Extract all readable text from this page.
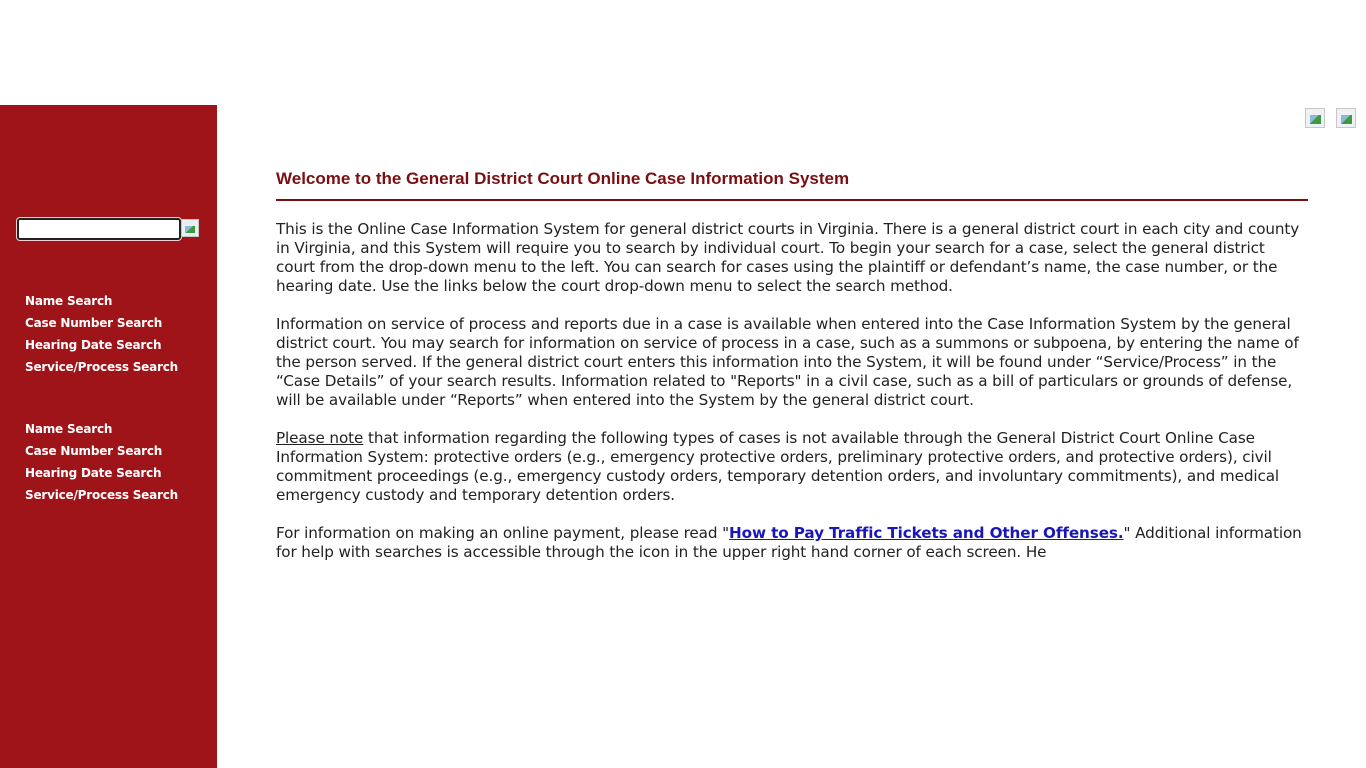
Name Search
Case Number Search
Hearing Date Search
Service/Process Search
Name Search
Case Number Search
Hearing Date Search
Service/Process Search
Welcome to the General District Court Online Case Information System

This is the Online Case Information System for general district courts in Virginia. There is a general district court in each city and county in Virginia, and this System will require you to search by individual court. To begin your search for a case, select the general district court from the drop-down menu to the left. You can search for cases using the plaintiff or defendant’s name, the case number, or the hearing date. Use the links below the court drop-down menu to select the search method.

Information on service of process and reports due in a case is available when entered into the Case Information System by the general district court. You may search for information on service of process in a case, such as a summons or subpoena, by entering the name of the person served. If the general district court enters this information into the System, it will be found under “Service/Process” in the “Case Details” of your search results. Information related to "Reports" in a civil case, such as a bill of particulars or grounds of defense, will be available under “Reports” when entered into the System by the general district court.

Please note that information regarding the following types of cases is not available through the General District Court Online Case Information System: protective orders (e.g., emergency protective orders, preliminary protective orders, and protective orders), civil commitment proceedings (e.g., emergency custody orders, temporary detention orders, and involuntary commitments), and medical emergency custody and temporary detention orders.

For information on making an online payment, please read "How to Pay Traffic Tickets and Other Offenses." Additional information for help with searches is accessible through the icon in the upper right hand corner of each screen. He
